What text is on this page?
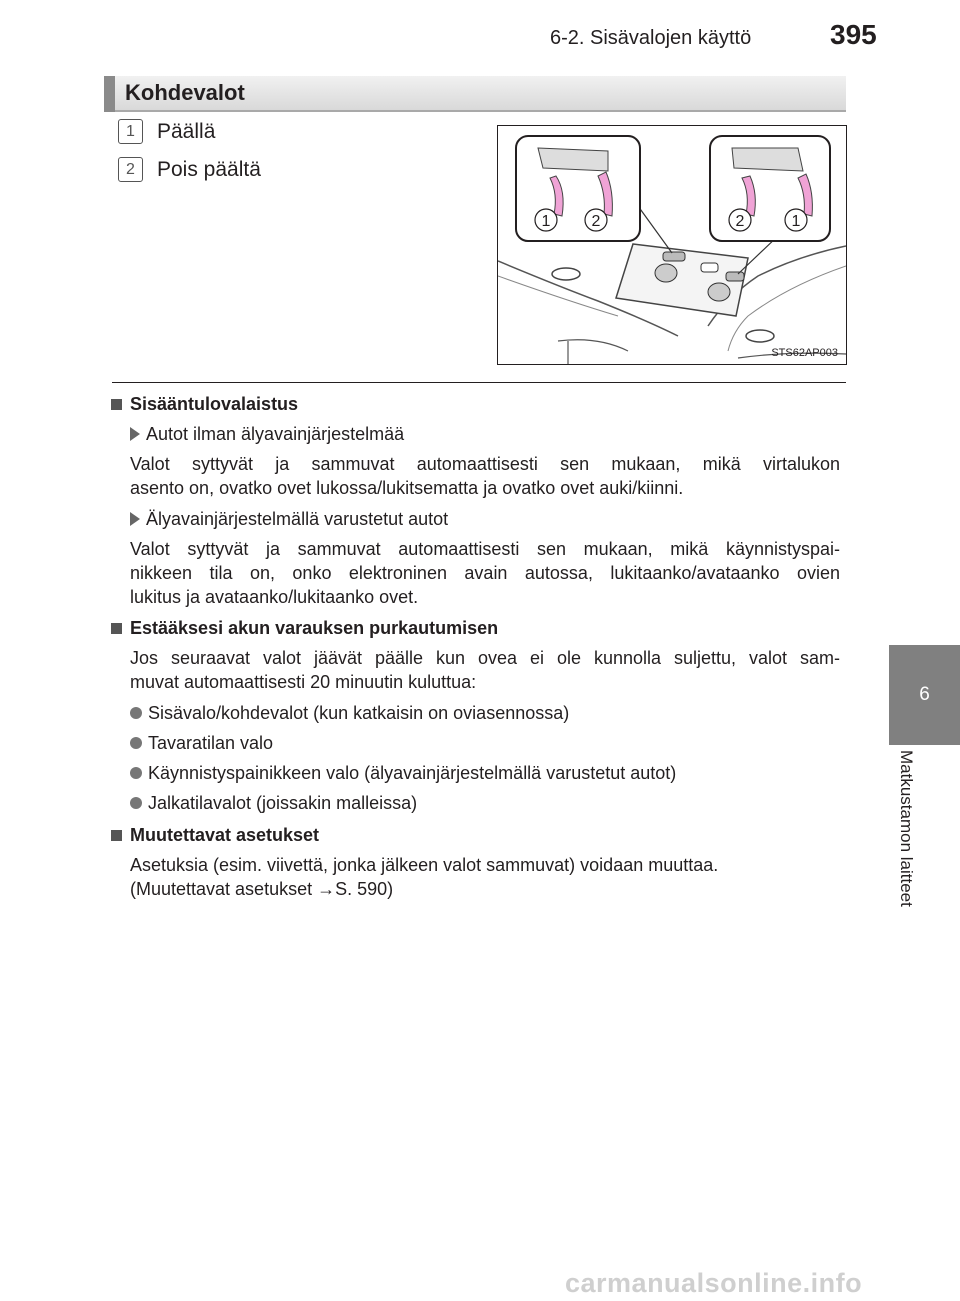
6-2. Sisävalojen käyttö	395
6
Matkustamon laitteet
Kohdevalot
1	Päällä
2	Pois päältä
1	2	2	1
STS62AP003
Sisääntulovalaistus
Autot ilman älyavainjärjestelmää
Valot syttyvät ja sammuvat automaattisesti sen mukaan, mikä virtalukon
asento on, ovatko ovet lukossa/lukitsematta ja ovatko ovet auki/kiinni.
Älyavainjärjestelmällä varustetut autot
Valot syttyvät ja sammuvat automaattisesti sen mukaan, mikä käynnistyspai-
nikkeen tila on, onko elektroninen avain autossa, lukitaanko/avataanko ovien
lukitus ja avataanko/lukitaanko ovet.
Estääksesi akun varauksen purkautumisen
Jos seuraavat valot jäävät päälle kun ovea ei ole kunnolla suljettu, valot sam-
muvat automaattisesti 20 minuutin kuluttua:
Sisävalo/kohdevalot (kun katkaisin on oviasennossa)
Tavaratilan valo
Käynnistyspainikkeen valo (älyavainjärjestelmällä varustetut autot)
Jalkatilavalot (joissakin malleissa)
Muutettavat asetukset
Asetuksia (esim. viivettä, jonka jälkeen valot sammuvat) voidaan muuttaa.
(Muutettavat asetukset →S. 590)
carmanualsonline.info
